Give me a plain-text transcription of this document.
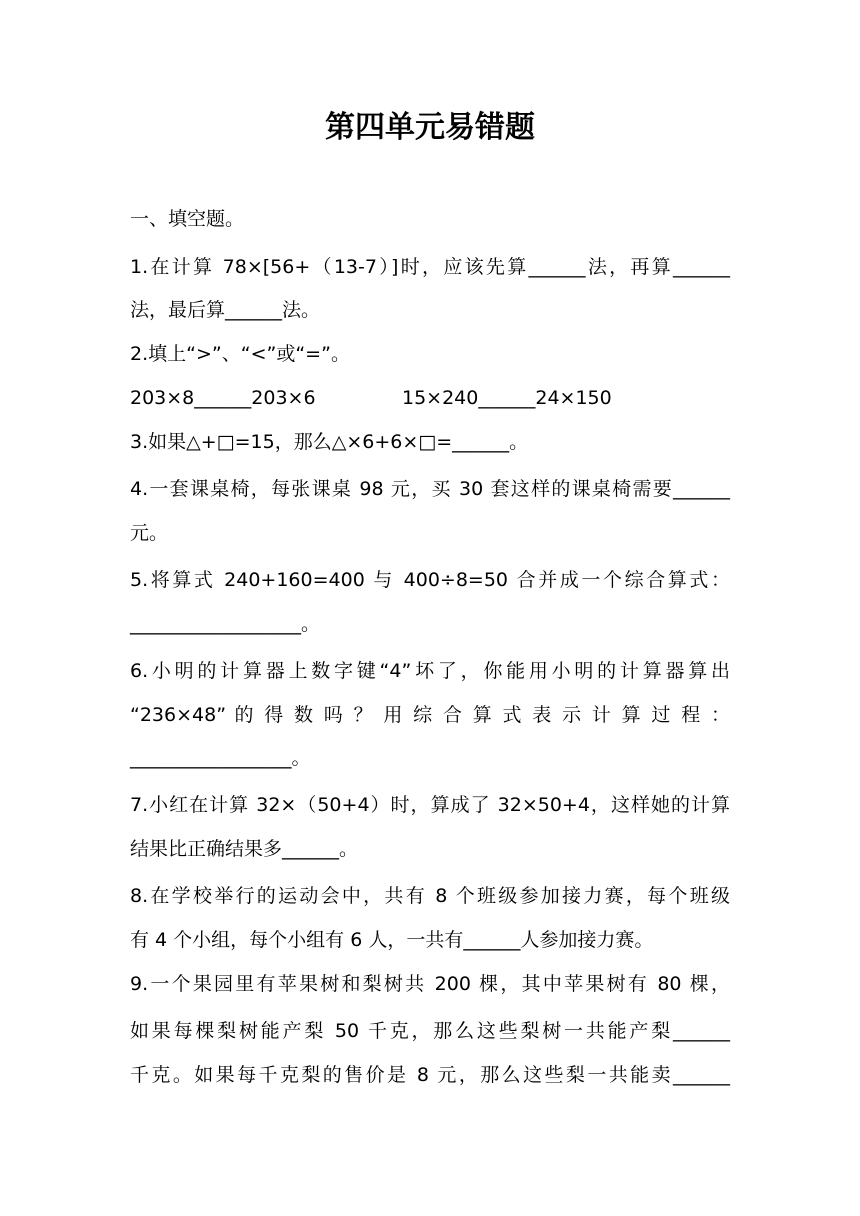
第四单元易错题
一、填空题。
1.在计算 78×[56+（13-7）]时，应该先算______法，再算______
法，最后算______法。
2.填上“>”、“<”或“=”。
203×8______203×6	15×240______24×150
3.如果△+□=15，那么△×6+6×□=______。
4.一套课桌椅，每张课桌 98 元，买 30 套这样的课桌椅需要______
元。
5.将算式 240+160=400 与 400÷8=50 合并成一个综合算式：
__________________。
6.小明的计算器上数字键“4”坏了，你能用小明的计算器算出
“236×48” 的 得 数 吗 ？ 用 综 合 算 式 表 示 计 算 过 程 ：
_________________。
7.小红在计算 32×（50+4）时，算成了 32×50+4，这样她的计算
结果比正确结果多______。
8.在学校举行的运动会中，共有 8 个班级参加接力赛，每个班级
有 4 个小组，每个小组有 6 人，一共有______人参加接力赛。
9.一个果园里有苹果树和梨树共 200 棵，其中苹果树有 80 棵，
如果每棵梨树能产梨 50 千克，那么这些梨树一共能产梨______
千克。如果每千克梨的售价是 8 元，那么这些梨一共能卖______
